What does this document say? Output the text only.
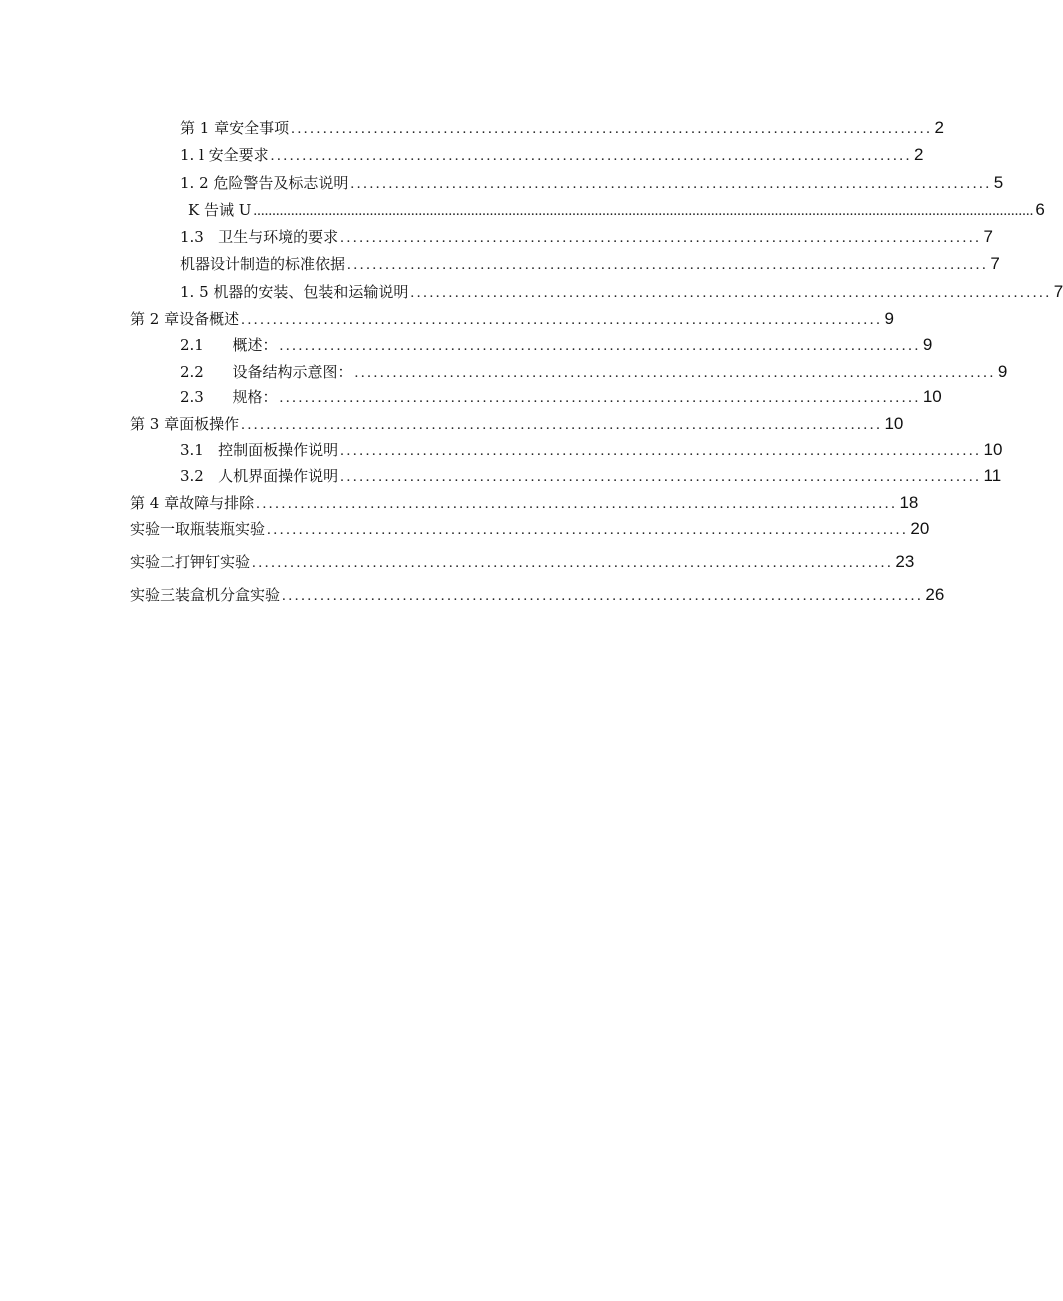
第 1 章安全事项 ..................................................................................................... 2
1. l 安全要求 ..................................................................................................... 2
1. 2 危险警告及标志说明 ..................................................................................................... 5
K 告诫 U ................................................................................................................................................................................................................ 6
1.3   卫生与环境的要求 ..................................................................................................... 7
机器设计制造的标准依据 ..................................................................................................... 7
1. 5 机器的安装、包装和运输说明 ..................................................................................................... 7
第 2 章设备概述 ..................................................................................................... 9
2.1      概述： ..................................................................................................... 9
2.2      设备结构示意图： ..................................................................................................... 9
2.3      规格： ..................................................................................................... 10
第 3 章面板操作 ..................................................................................................... 10
3.1   控制面板操作说明 ..................................................................................................... 10
3.2   人机界面操作说明 ..................................................................................................... 11
第 4 章故障与排除 ..................................................................................................... 18
实验一取瓶装瓶实验 ..................................................................................................... 20
实验二打钾钉实验 ..................................................................................................... 23
实验三装盒机分盒实验 ..................................................................................................... 26
